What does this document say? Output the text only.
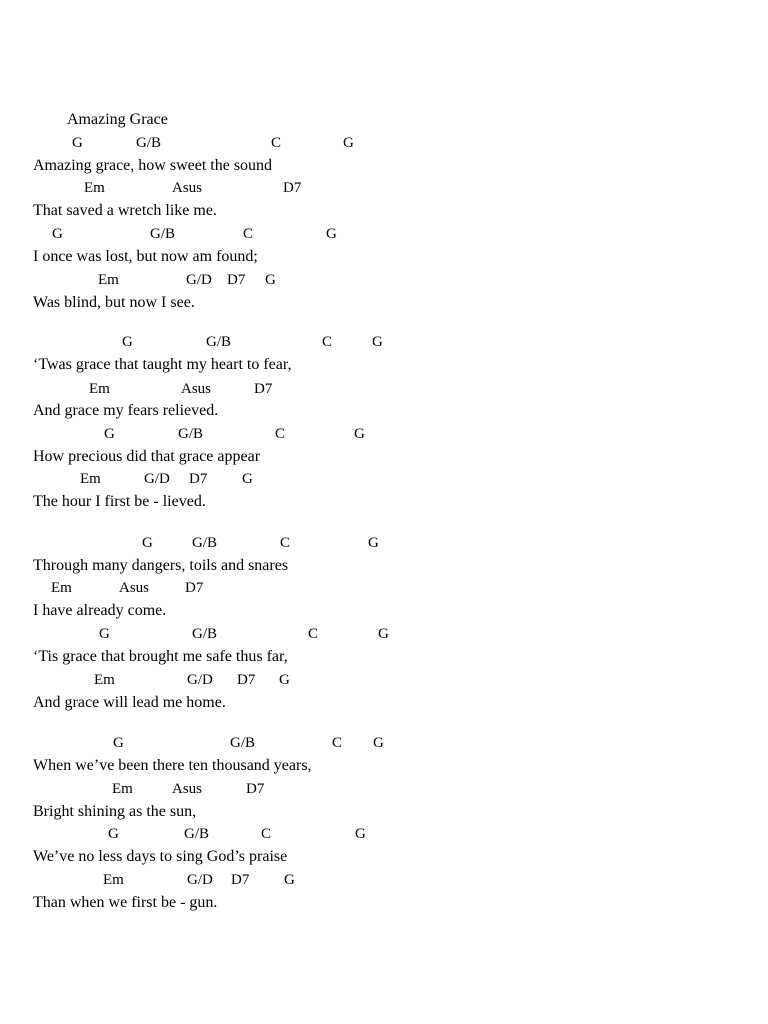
Amazing Grace
G	G/B	C	G
Amazing grace, how sweet the sound
Em	Asus	D7
That saved a wretch like me.
G	G/B	C	G
I once was lost, but now am found;
Em	G/D D7 G
Was blind, but now I see.
G	G/B	C	G
‘Twas grace that taught my heart to fear,
Em	Asus	D7
And grace my fears relieved.
G	G/B	C	G
How precious did that grace appear
Em	G/D D7 G
The hour I first be - lieved.
G	G/B	C	G
Through many dangers, toils and snares
Em	Asus D7
I have already come.
G	G/B	C	G
‘Tis grace that brought me safe thus far,
Em	G/D D7 G
And grace will lead me home.
G	G/B	C G
When we’ve been there ten thousand years,
Em	Asus	D7
Bright shining as the sun,
G	G/B	C	G
We’ve no less days to sing God’s praise
Em	G/D D7 G
Than when we first be - gun.
